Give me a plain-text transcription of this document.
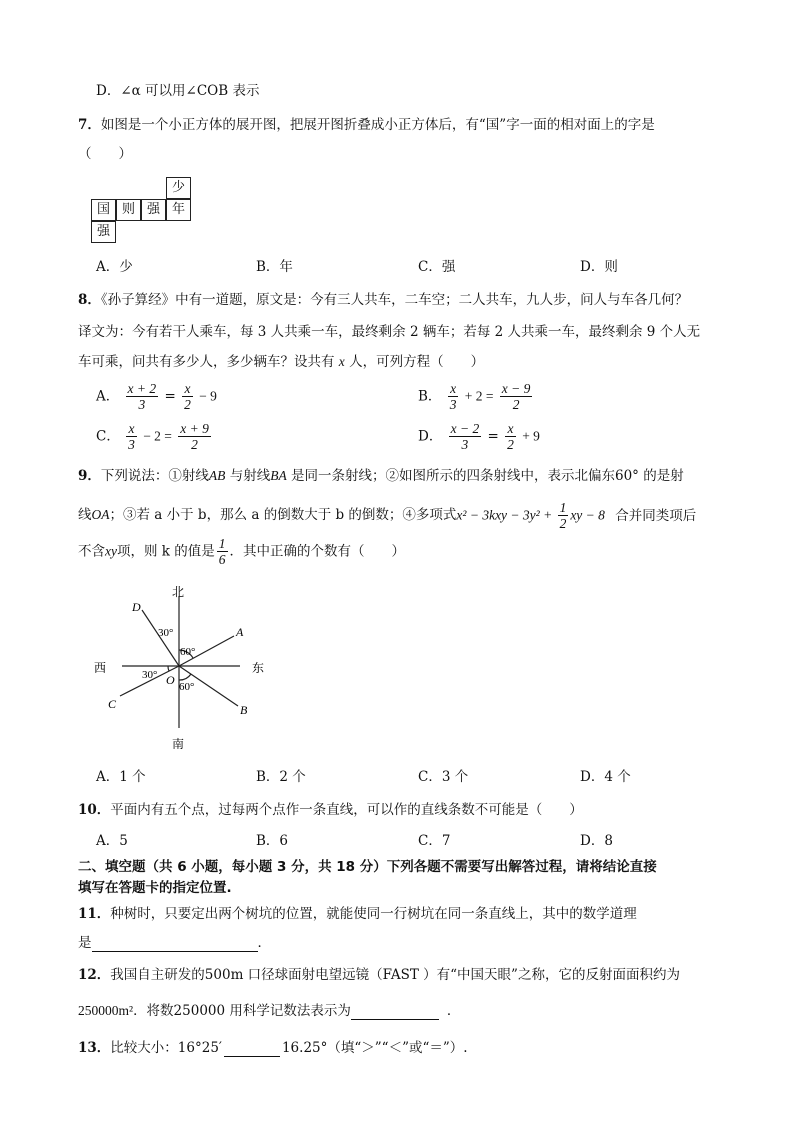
D．∠α 可以用∠COB 表示
7．如图是一个小正方体的展开图，把展开图折叠成小正方体后，有“国”字一面的相对面上的字是
（　　）
少
国 则 强 年
强
A．少	B．年	C．强	D．则
8．《孙子算经》中有一道题，原文是：今有三人共车，二车空；二人共车，九人步，问人与车各几何？
译文为：今有若干人乘车，每 3 人共乘一车，最终剩余 2 辆车；若每 2 人共乘一车，最终剩余 9 个人无
车可乘，问共有多少人，多少辆车？设共有 x 人，可列方程（　　）
A． $\frac{x + 2}{3} = \frac{x}{2} - 9$	B． $\frac{x}{3} + 2 = \frac{x - 9}{2}$
C． $\frac{x}{3} - 2 = \frac{x + 9}{2}$	D． $\frac{x - 2}{3} = \frac{x}{2} + 9$
9．下列说法：①射线AB 与射线BA 是同一条射线；②如图所示的四条射线中，表示北偏东60° 的是射
线OA；③若 a 小于 b，那么 a 的倒数大于 b 的倒数；④多项式$x^2 - 3kxy - 3y^2 + \frac{1}{2}$ xy − 8 合并同类项后
不含xy项，则 k 的值是 $\frac{1}{6}$ ．其中正确的个数有（　　）
北
南
西	东
D
A
C	B
O
30°
60°
30°
60°
A．1 个	B．2 个	C．3 个	D．4 个
10．平面内有五个点，过每两个点作一条直线，可以作的直线条数不可能是（　　）
A．5	B．6	C．7	D．8
二、填空题（共 6 小题，每小题 3 分，共 18 分）下列各题不需要写出解答过程，请将结论直接
填写在答题卡的指定位置.
11．种树时，只要定出两个树坑的位置，就能使同一行树坑在同一条直线上，其中的数学道理
是	．
12．我国自主研发的500m 口径球面射电望远镜（FAST ）有“中国天眼”之称，它的反射面面积约为
250000m²．将数250000 用科学记数法表示为	．
13．比较大小：16°25′	16.25°（填“＞”“＜”或“＝”）.
